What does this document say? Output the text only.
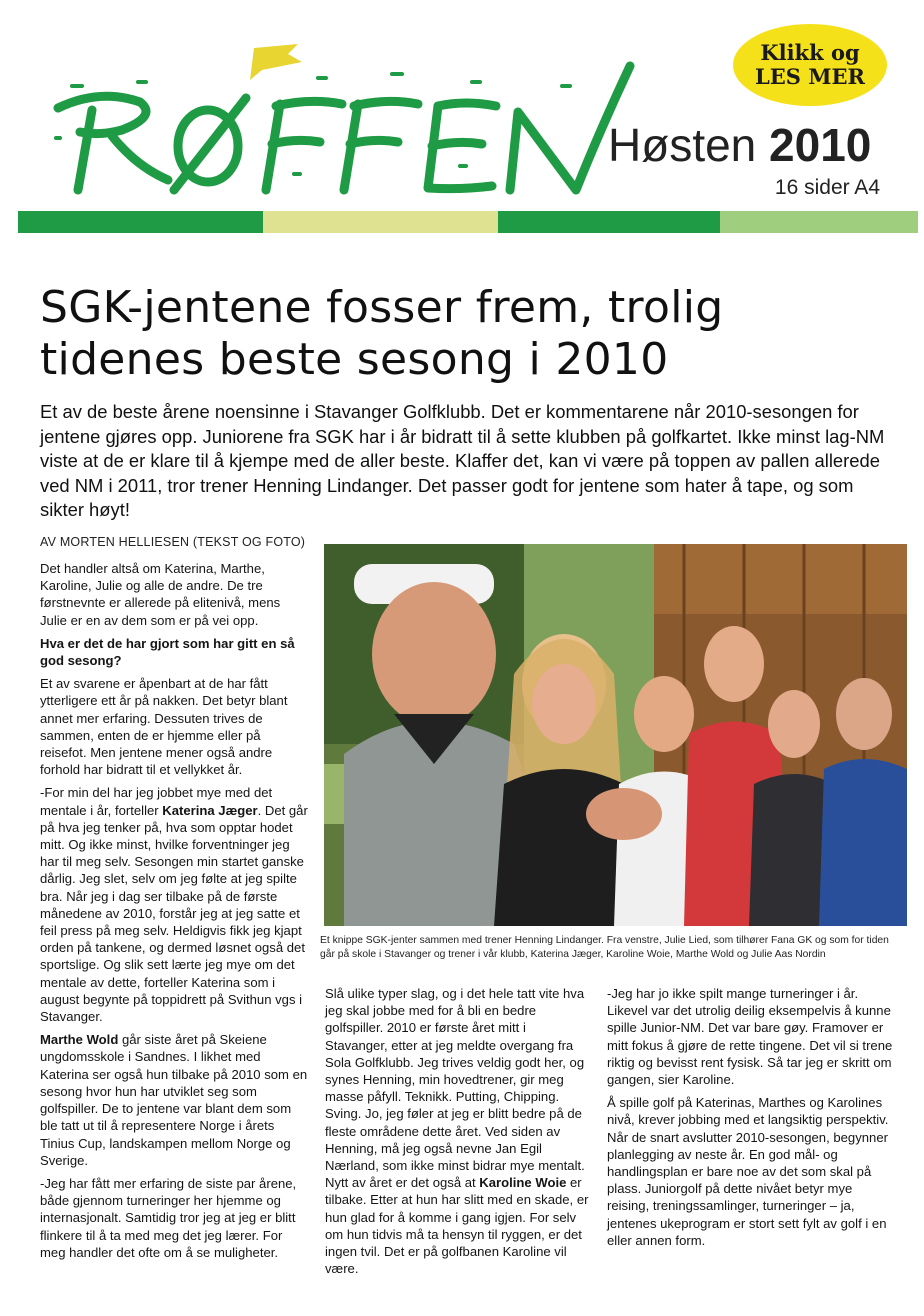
RØFFEN
Klikk og
LES MER
Høsten 2010
16 sider A4
SGK-jentene fosser frem, trolig
tidenes beste sesong i 2010
Et av de beste årene noensinne i Stavanger Golfklubb. Det er kommentarene når 2010-sesongen for jentene gjøres opp. Juniorene fra SGK har i år bidratt til å sette klubben på golfkartet. Ikke minst lag-NM viste at de er klare til å kjempe med de aller beste. Klaffer det, kan vi være på toppen av pallen allerede ved NM i 2011, tror trener Henning Lindanger. Det passer godt for jentene som hater å tape, og som sikter høyt!
AV MORTEN HELLIESEN (TEKST OG FOTO)

Det handler altså om Katerina, Marthe, Karoline, Julie og alle de andre. De tre førstnevnte er allerede på elitenivå, mens Julie er en av dem som er på vei opp.

Hva er det de har gjort som har gitt en så god sesong?

Et av svarene er åpenbart at de har fått ytterligere ett år på nakken. Det betyr blant annet mer erfaring. Dessuten trives de sammen, enten de er hjemme eller på reisefot. Men jentene mener også andre forhold har bidratt til et vellykket år.

-For min del har jeg jobbet mye med det mentale i år, forteller Katerina Jæger. Det går på hva jeg tenker på, hva som opptar hodet mitt. Og ikke minst, hvilke forventninger jeg har til meg selv. Sesongen min startet ganske dårlig. Jeg slet, selv om jeg følte at jeg spilte bra. Når jeg i dag ser tilbake på de første månedene av 2010, forstår jeg at jeg satte et feil press på meg selv. Heldigvis fikk jeg kjapt orden på tankene, og dermed løsnet også det sportslige. Og slik sett lærte jeg mye om det mentale av dette, forteller Katerina som i august begynte på toppidrett på Svithun vgs i Stavanger.

Marthe Wold går siste året på Skeiene ungdomsskole i Sandnes. I likhet med Katerina ser også hun tilbake på 2010 som en sesong hvor hun har utviklet seg som golfspiller. De to jentene var blant dem som ble tatt ut til å representere Norge i årets Tinius Cup, landskampen mellom Norge og Sverige.

-Jeg har fått mer erfaring de siste par årene, både gjennom turneringer her hjemme og internasjonalt. Samtidig tror jeg at jeg er blitt flinkere til å ta med meg det jeg lærer. For meg handler det ofte om å se muligheter.

Et knippe SGK-jenter sammen med trener Henning Lindanger. Fra venstre, Julie Lied, som tilhører Fana GK og som for tiden går på skole i Stavanger og trener i vår klubb, Katerina Jæger, Karoline Woie, Marthe Wold og Julie Aas Nordin

Slå ulike typer slag, og i det hele tatt vite hva jeg skal jobbe med for å bli en bedre golfspiller. 2010 er første året mitt i Stavanger, etter at jeg meldte overgang fra Sola Golfklubb. Jeg trives veldig godt her, og synes Henning, min hovedtrener, gir meg masse påfyll. Teknikk. Putting, Chipping. Sving. Jo, jeg føler at jeg er blitt bedre på de fleste områdene dette året. Ved siden av Henning, må jeg også nevne Jan Egil Nærland, som ikke minst bidrar mye mentalt. Nytt av året er det også at Karoline Woie er tilbake. Etter at hun har slitt med en skade, er hun glad for å komme i gang igjen. For selv om hun tidvis må ta hensyn til ryggen, er det ingen tvil. Det er på golfbanen Karoline vil være.

-Jeg har jo ikke spilt mange turneringer i år. Likevel var det utrolig deilig eksempelvis å kunne spille Junior-NM. Det var bare gøy. Framover er mitt fokus å gjøre de rette tingene. Det vil si trene riktig og bevisst rent fysisk. Så tar jeg er skritt om gangen, sier Karoline.

Å spille golf på Katerinas, Marthes og Karolines nivå, krever jobbing med et langsiktig perspektiv. Når de snart avslutter 2010-sesongen, begynner planlegging av neste år. En god mål- og handlingsplan er bare noe av det som skal på plass. Juniorgolf på dette nivået betyr mye reising, treningssamlinger, turneringer – ja, jentenes ukeprogram er stort sett fylt av golf i en eller annen form.
